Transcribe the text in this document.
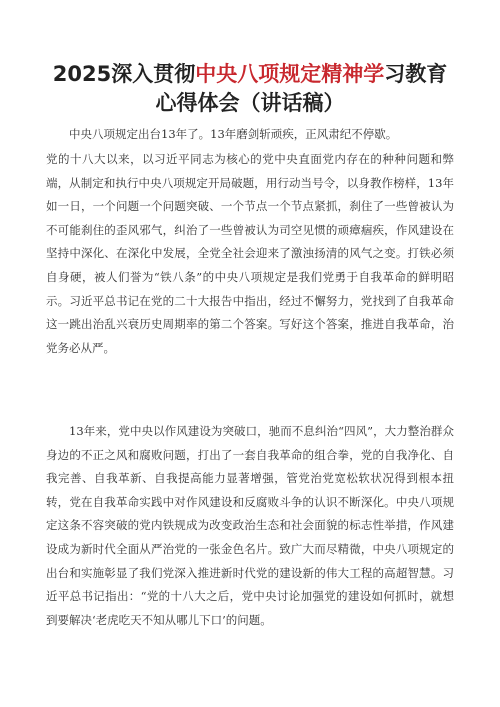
2025深入贯彻中央八项规定精神学习教育
心得体会（讲话稿）

中央八项规定出台13年了。13年磨剑斩顽疾，正风肃纪不停歇。

党的十八大以来，以习近平同志为核心的党中央直面党内存在的种种问题和弊端，从制定和执行中央八项规定开局破题，用行动当号令，以身教作榜样，13年如一日，一个问题一个问题突破、一个节点一个节点紧抓，刹住了一些曾被认为不可能刹住的歪风邪气，纠治了一些曾被认为司空见惯的顽瘴痼疾，作风建设在坚持中深化、在深化中发展，全党全社会迎来了激浊扬清的风气之变。打铁必须自身硬，被人们誉为“铁八条”的中央八项规定是我们党勇于自我革命的鲜明昭示。习近平总书记在党的二十大报告中指出，经过不懈努力，党找到了自我革命这一跳出治乱兴衰历史周期率的第二个答案。写好这个答案，推进自我革命，治党务必从严。

13年来，党中央以作风建设为突破口，驰而不息纠治“四风”，大力整治群众身边的不正之风和腐败问题，打出了一套自我革命的组合拳，党的自我净化、自我完善、自我革新、自我提高能力显著增强，管党治党宽松软状况得到根本扭转，党在自我革命实践中对作风建设和反腐败斗争的认识不断深化。中央八项规定这条不容突破的党内铁规成为改变政治生态和社会面貌的标志性举措，作风建设成为新时代全面从严治党的一张金色名片。致广大而尽精微，中央八项规定的出台和实施彰显了我们党深入推进新时代党的建设新的伟大工程的高超智慧。习近平总书记指出：“党的十八大之后，党中央讨论加强党的建设如何抓时，就想到要解决‘老虎吃天不知从哪儿下口’的问题。
